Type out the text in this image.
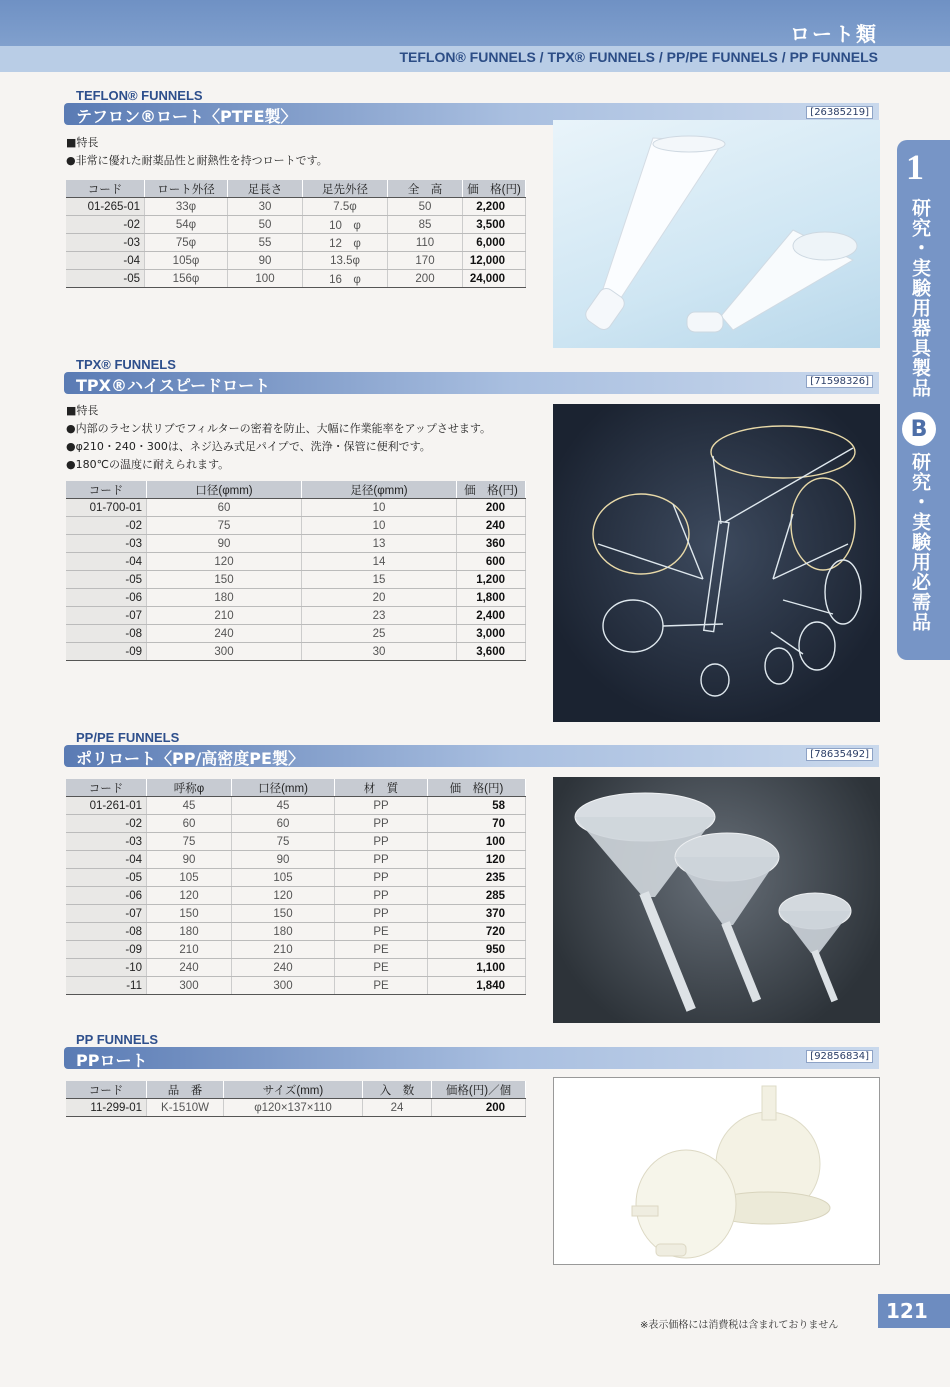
ロート類
TEFLON® FUNNELS / TPX® FUNNELS / PP/PE FUNNELS / PP FUNNELS
1
研究・実験用器具製品
B
研究・実験用必需品
TEFLON® FUNNELS
テフロン®ロート〈PTFE製〉	[26385219]
■特長
●非常に優れた耐薬品性と耐熱性を持つロートです。
コード	ロート外径	足長さ	足先外径	全　高	価　格(円)
01-265-01	33φ	30	7.5φ	50	2,200
-02	54φ	50	10　φ	85	3,500
-03	75φ	55	12　φ	110	6,000
-04	105φ	90	13.5φ	170	12,000
-05	156φ	100	16　φ	200	24,000
TPX® FUNNELS
TPX®ハイスピードロート	[71598326]
■特長
●内部のラセン状リブでフィルターの密着を防止、大幅に作業能率をアップさせます。
●φ210・240・300は、ネジ込み式足パイプで、洗浄・保管に便利です。
●180℃の温度に耐えられます。
コード	口径(φmm)	足径(φmm)	価　格(円)
01-700-01	60	10	200
-02	75	10	240
-03	90	13	360
-04	120	14	600
-05	150	15	1,200
-06	180	20	1,800
-07	210	23	2,400
-08	240	25	3,000
-09	300	30	3,600
PP/PE FUNNELS
ポリロート〈PP/高密度PE製〉	[78635492]
コード	呼称φ	口径(mm)	材　質	価　格(円)
01-261-01	45	45	PP	58
-02	60	60	PP	70
-03	75	75	PP	100
-04	90	90	PP	120
-05	105	105	PP	235
-06	120	120	PP	285
-07	150	150	PP	370
-08	180	180	PE	720
-09	210	210	PE	950
-10	240	240	PE	1,100
-11	300	300	PE	1,840
PP FUNNELS
PPロート	[92856834]
コード	品　番	サイズ(mm)	入　数	価格(円)／個
11-299-01	K-1510W	φ120×137×110	24	200
121
※表示価格には消費税は含まれておりません
